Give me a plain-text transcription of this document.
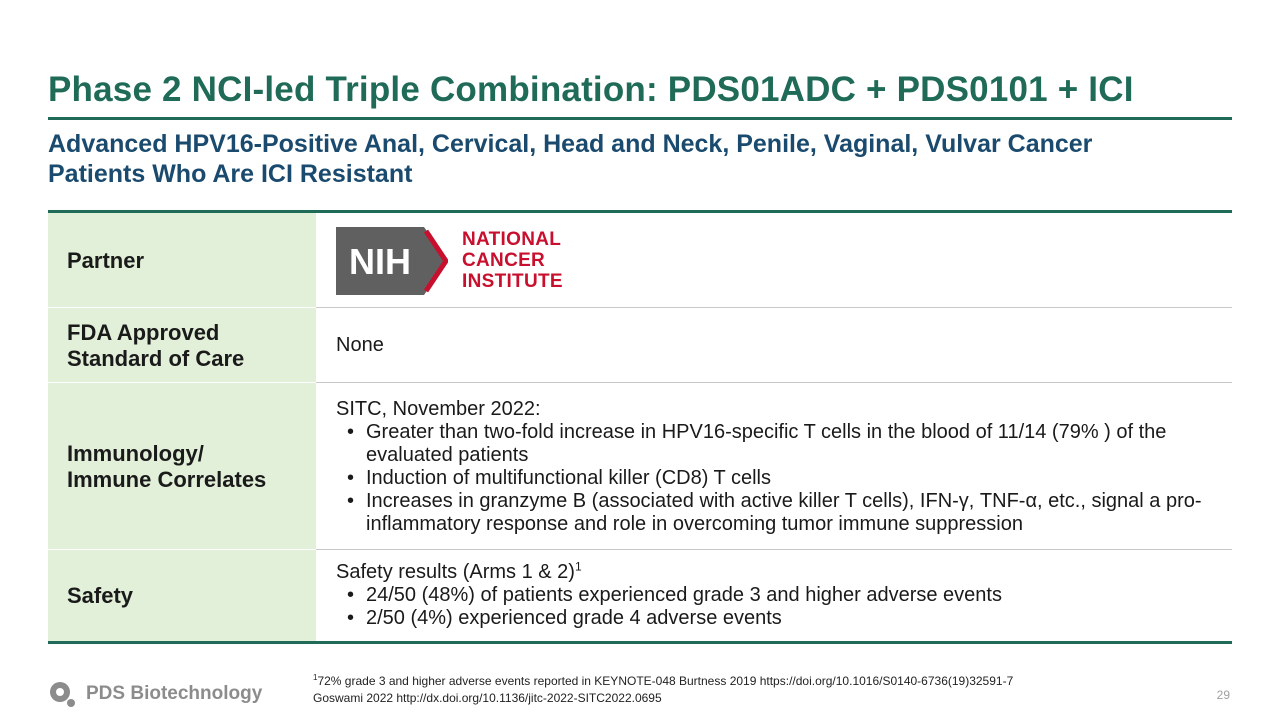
Phase 2 NCI-led Triple Combination: PDS01ADC + PDS0101 + ICI
Advanced HPV16-Positive Anal, Cervical, Head and Neck, Penile, Vaginal, Vulvar Cancer
Patients Who Are ICI Resistant
Partner	NIH
NATIONAL
CANCER
INSTITUTE
FDA Approved
Standard of Care
None
Immunology/
Immune Correlates
SITC, November 2022:
• Greater than two-fold increase in HPV16-specific T cells in the blood of 11/14 (79% ) of the evaluated patients
• Induction of multifunctional killer (CD8) T cells
• Increases in granzyme B (associated with active killer T cells), IFN-γ, TNF-α, etc., signal a pro-inflammatory response and role in overcoming tumor immune suppression
Safety
Safety results (Arms 1 & 2)$^1$
• 24/50 (48%) of patients experienced grade 3 and higher adverse events
• 2/50 (4%) experienced grade 4 adverse events
$^1$72% grade 3 and higher adverse events reported in KEYNOTE-048 Burtness 2019 https://doi.org/10.1016/S0140-6736(19)32591-7
Goswami 2022 http://dx.doi.org/10.1136/jitc-2022-SITC2022.0695
PDS Biotechnology	29
